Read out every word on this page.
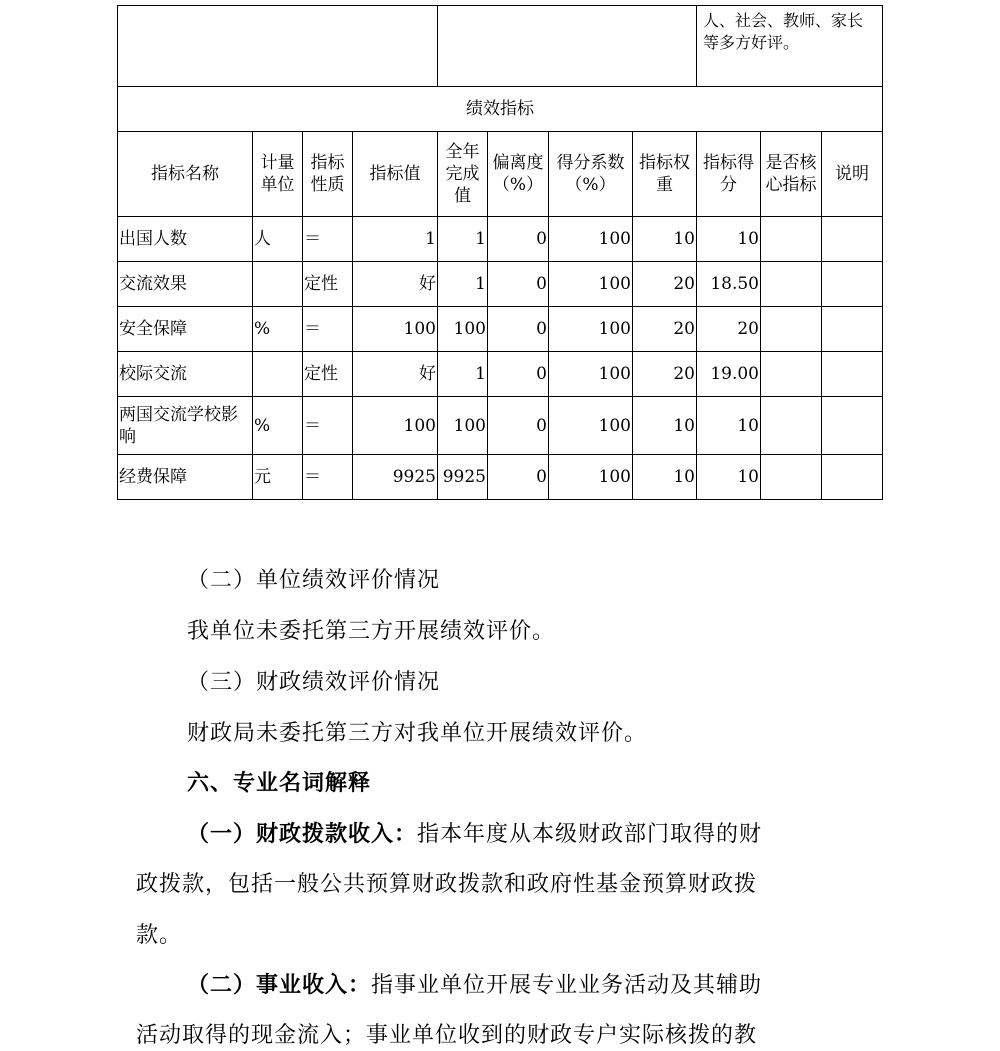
								人、社会、教师、家长等多方好评。		
绩效指标										
指标名称	计量单位	指标性质	指标值	全年完成值	偏离度（%）	得分系数（%）	指标权重	指标得分	是否核心指标	说明
出国人数	人	＝	1	1	0	100	10	10		
交流效果		定性	好	1	0	100	20	18.50		
安全保障	%	＝	100	100	0	100	20	20		
校际交流		定性	好	1	0	100	20	19.00		
两国交流学校影响	%	＝	100	100	0	100	10	10		
经费保障	元	＝	9925	9925	0	100	10	10		
（二）单位绩效评价情况
我单位未委托第三方开展绩效评价。
（三）财政绩效评价情况
财政局未委托第三方对我单位开展绩效评价。
六、专业名词解释
（一）财政拨款收入：指本年度从本级财政部门取得的财
政拨款，包括一般公共预算财政拨款和政府性基金预算财政拨
款。
（二）事业收入：指事业单位开展专业业务活动及其辅助
活动取得的现金流入；事业单位收到的财政专户实际核拨的教
